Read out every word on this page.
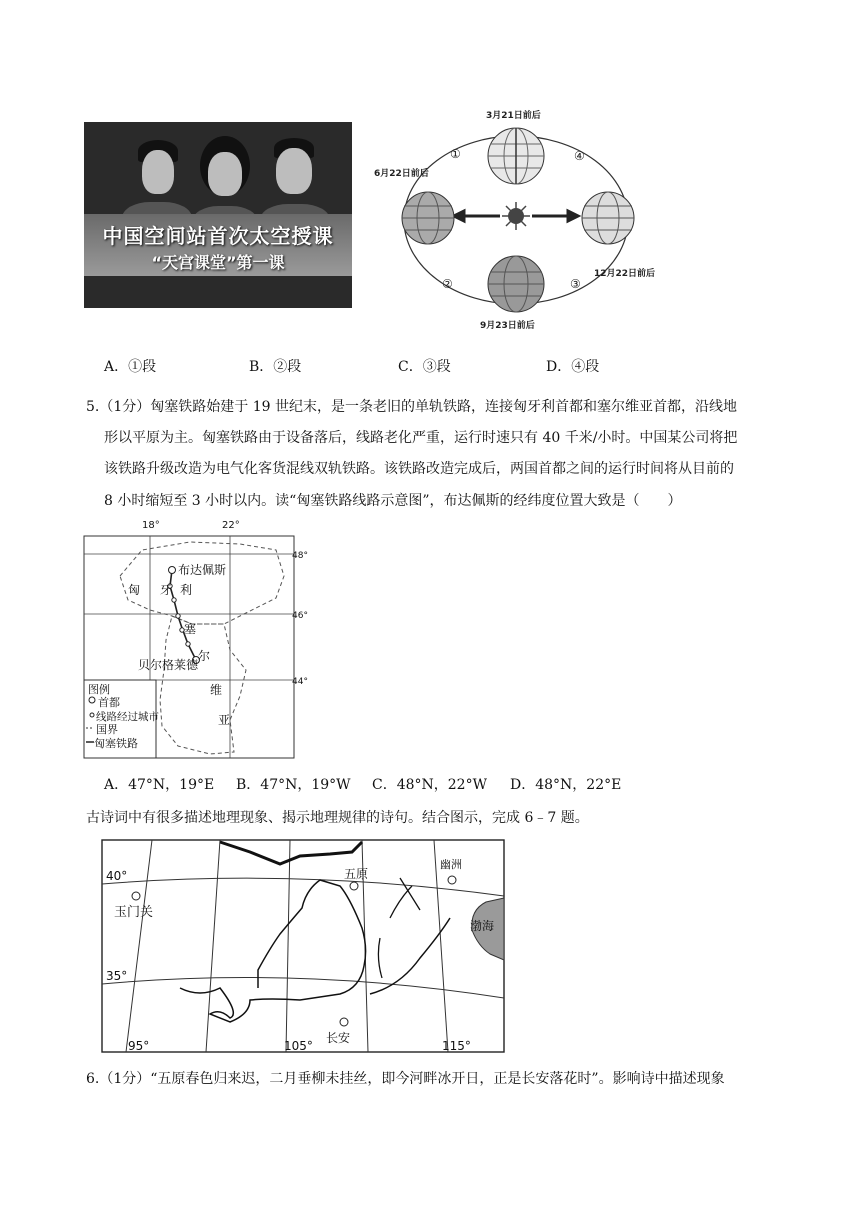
中国空间站首次太空授课
“天宫课堂”第一课
3月21日前后
6月22日前后
12月22日前后
9月23日前后
①	④
②	③
A．①段	B．②段	C．③段	D．④段
5.（1分）匈塞铁路始建于 19 世纪末，是一条老旧的单轨铁路，连接匈牙利首都和塞尔维亚首都，沿线地
形以平原为主。匈塞铁路由于设备落后，线路老化严重，运行时速只有 40 千米/小时。中国某公司将把
该铁路升级改造为电气化客货混线双轨铁路。该铁路改造完成后，两国首都之间的运行时间将从目前的
8 小时缩短至 3 小时以内。读“匈塞铁路线路示意图”，布达佩斯的经纬度位置大致是（　　）
18°	22°
48°
46°
44°
布达佩斯
贝尔格莱德
匈 牙 利
塞
尔
维
亚
图例
首都
线路经过城市
国界
匈塞铁路
A．47°N，19°E B．47°N，19°W C．48°N，22°W D．48°N，22°E
古诗词中有很多描述地理现象、揭示地理规律的诗句。结合图示，完成 6﹣7 题。
40°
35°
95°	105°	115°
玉门关
五原
幽洲
渤海
长安
6.（1分）“五原春色归来迟，二月垂柳未挂丝，即今河畔冰开日，正是长安落花时”。影响诗中描述现象
